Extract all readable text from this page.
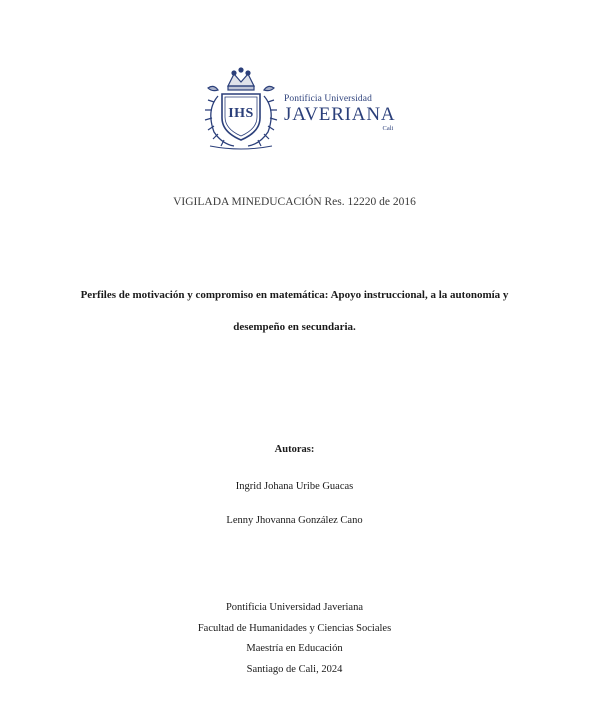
IHS
Pontificia Universidad
JAVERIANA
Cali
VIGILADA MINEDUCACIÓN Res. 12220 de 2016
Perfiles de motivación y compromiso en matemática: Apoyo instruccional, a la autonomía y
desempeño en secundaria.
Autoras:
Ingrid Johana Uribe Guacas
Lenny Jhovanna González Cano
Pontificia Universidad Javeriana
Facultad de Humanidades y Ciencias Sociales
Maestría en Educación
Santiago de Cali, 2024
